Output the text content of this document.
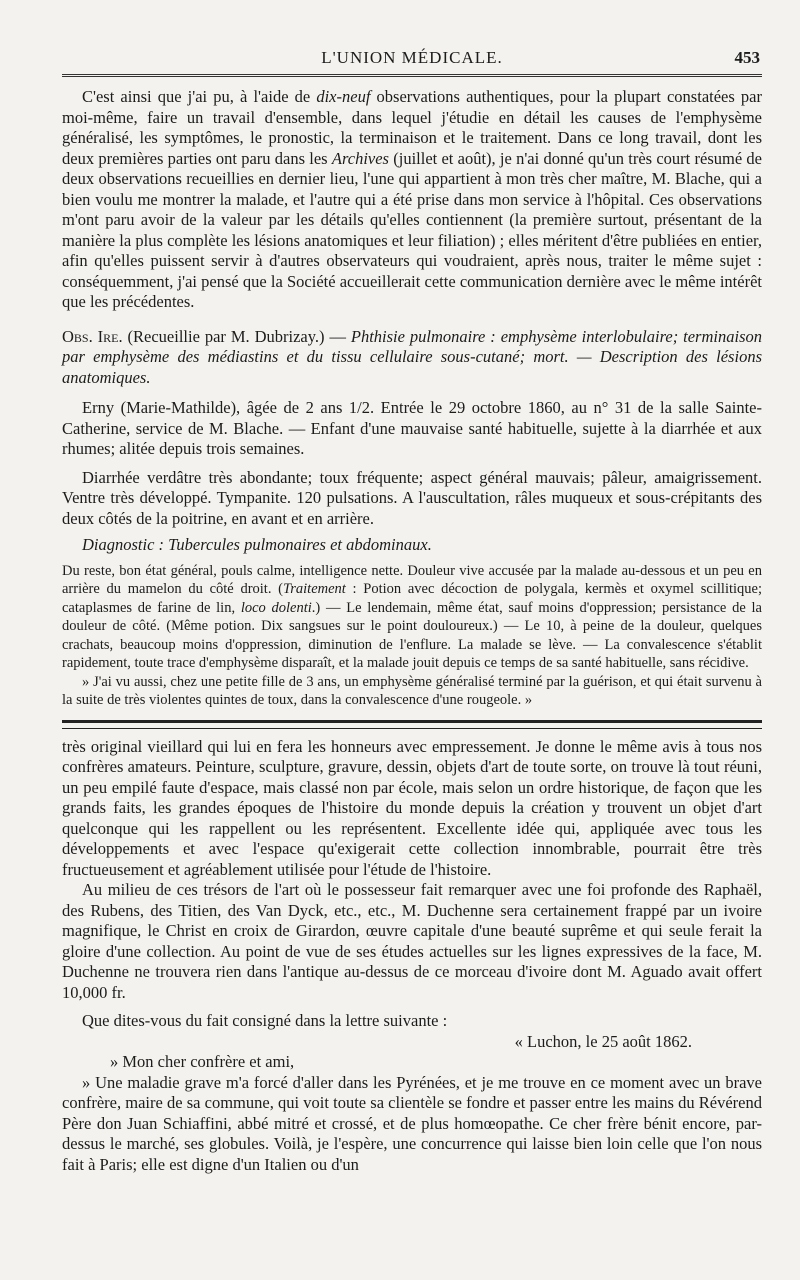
L'UNION MÉDICALE.	453

C'est ainsi que j'ai pu, à l'aide de dix-neuf observations authentiques, pour la plupart constatées par moi-même, faire un travail d'ensemble, dans lequel j'étudie en détail les causes de l'emphysème généralisé, les symptômes, le pronostic, la terminaison et le traitement. Dans ce long travail, dont les deux premières parties ont paru dans les Archives (juillet et août), je n'ai donné qu'un très court résumé de deux observations recueillies en dernier lieu, l'une qui appartient à mon très cher maître, M. Blache, qui a bien voulu me montrer la malade, et l'autre qui a été prise dans mon service à l'hôpital. Ces observations m'ont paru avoir de la valeur par les détails qu'elles contiennent (la première surtout, présentant de la manière la plus complète les lésions anatomiques et leur filiation) ; elles méritent d'être publiées en entier, afin qu'elles puissent servir à d'autres observateurs qui voudraient, après nous, traiter le même sujet : conséquemment, j'ai pensé que la Société accueillerait cette communication dernière avec le même intérêt que les précédentes.

Obs. Ire. (Recueillie par M. Dubrizay.) — Phthisie pulmonaire : emphysème interlobulaire; terminaison par emphysème des médiastins et du tissu cellulaire sous-cutané; mort. — Description des lésions anatomiques.

Erny (Marie-Mathilde), âgée de 2 ans 1/2. Entrée le 29 octobre 1860, au n° 31 de la salle Sainte-Catherine, service de M. Blache. — Enfant d'une mauvaise santé habituelle, sujette à la diarrhée et aux rhumes; alitée depuis trois semaines.

Diarrhée verdâtre très abondante; toux fréquente; aspect général mauvais; pâleur, amaigrissement. Ventre très développé. Tympanite. 120 pulsations. A l'auscultation, râles muqueux et sous-crépitants des deux côtés de la poitrine, en avant et en arrière.

Diagnostic : Tubercules pulmonaires et abdominaux.

Du reste, bon état général, pouls calme, intelligence nette. Douleur vive accusée par la malade au-dessous et un peu en arrière du mamelon du côté droit. (Traitement : Potion avec décoction de polygala, kermès et oxymel scillitique; cataplasmes de farine de lin, loco dolenti.) — Le lendemain, même état, sauf moins d'oppression; persistance de la douleur de côté. (Même potion. Dix sangsues sur le point douloureux.) — Le 10, à peine de la douleur, quelques crachats, beaucoup moins d'oppression, diminution de l'enflure. La malade se lève. — La convalescence s'établit rapidement, toute trace d'emphysème disparaît, et la malade jouit depuis ce temps de sa santé habituelle, sans récidive.

» J'ai vu aussi, chez une petite fille de 3 ans, un emphysème généralisé terminé par la guérison, et qui était survenu à la suite de très violentes quintes de toux, dans la convalescence d'une rougeole. »

très original vieillard qui lui en fera les honneurs avec empressement. Je donne le même avis à tous nos confrères amateurs. Peinture, sculpture, gravure, dessin, objets d'art de toute sorte, on trouve là tout réuni, un peu empilé faute d'espace, mais classé non par école, mais selon un ordre historique, de façon que les grands faits, les grandes époques de l'histoire du monde depuis la création y trouvent un objet d'art quelconque qui les rappellent ou les représentent. Excellente idée qui, appliquée avec tous les développements et avec l'espace qu'exigerait cette collection innombrable, pourrait être très fructueusement et agréablement utilisée pour l'étude de l'histoire.

Au milieu de ces trésors de l'art où le possesseur fait remarquer avec une foi profonde des Raphaël, des Rubens, des Titien, des Van Dyck, etc., etc., M. Duchenne sera certainement frappé par un ivoire magnifique, le Christ en croix de Girardon, œuvre capitale d'une beauté suprême et qui seule ferait la gloire d'une collection. Au point de vue de ses études actuelles sur les lignes expressives de la face, M. Duchenne ne trouvera rien dans l'antique au-dessus de ce morceau d'ivoire dont M. Aguado avait offert 10,000 fr.

Que dites-vous du fait consigné dans la lettre suivante :

« Luchon, le 25 août 1862.

» Mon cher confrère et ami,

» Une maladie grave m'a forcé d'aller dans les Pyrénées, et je me trouve en ce moment avec un brave confrère, maire de sa commune, qui voit toute sa clientèle se fondre et passer entre les mains du Révérend Père don Juan Schiaffini, abbé mitré et crossé, et de plus homœopathe. Ce cher frère bénit encore, par-dessus le marché, ses globules. Voilà, je l'espère, une concurrence qui laisse bien loin celle que l'on nous fait à Paris; elle est digne d'un Italien ou d'un
